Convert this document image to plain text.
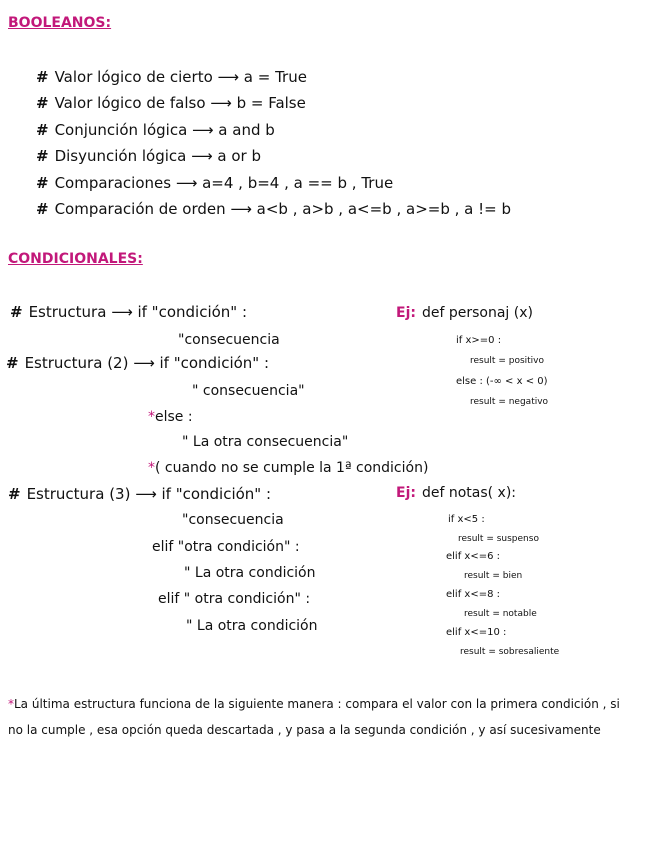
BOOLEANOS:
# Valor lógico de cierto ⟶ a = True
# Valor lógico de falso ⟶ b = False
# Conjunción lógica ⟶ a and b
# Disyunción lógica ⟶ a or b
# Comparaciones ⟶ a=4 , b=4 , a == b , True
# Comparación de orden ⟶ a<b , a>b , a<=b , a>=b , a != b
CONDICIONALES:
# Estructura ⟶ if "condición" :
"consecuencia
# Estructura (2) ⟶ if "condición" :
" consecuencia"
*else :
" La otra consecuencia"
*( cuando no se cumple la 1ª condición)
# Estructura (3) ⟶ if "condición" :
"consecuencia
elif "otra condición" :
" La otra condición
elif " otra condición" :
" La otra condición
Ej: def personaj (x)
if x>=0 :
result = positivo
else : (-∞ < x < 0)
result = negativo
Ej: def notas( x):
if x<5 :
result = suspenso
elif x<=6 :
result = bien
elif x<=8 :
result = notable
elif x<=10 :
result = sobresaliente
*La última estructura funciona de la siguiente manera : compara el valor con la primera condición , si
no la cumple , esa opción queda descartada , y pasa a la segunda condición , y así sucesivamente
